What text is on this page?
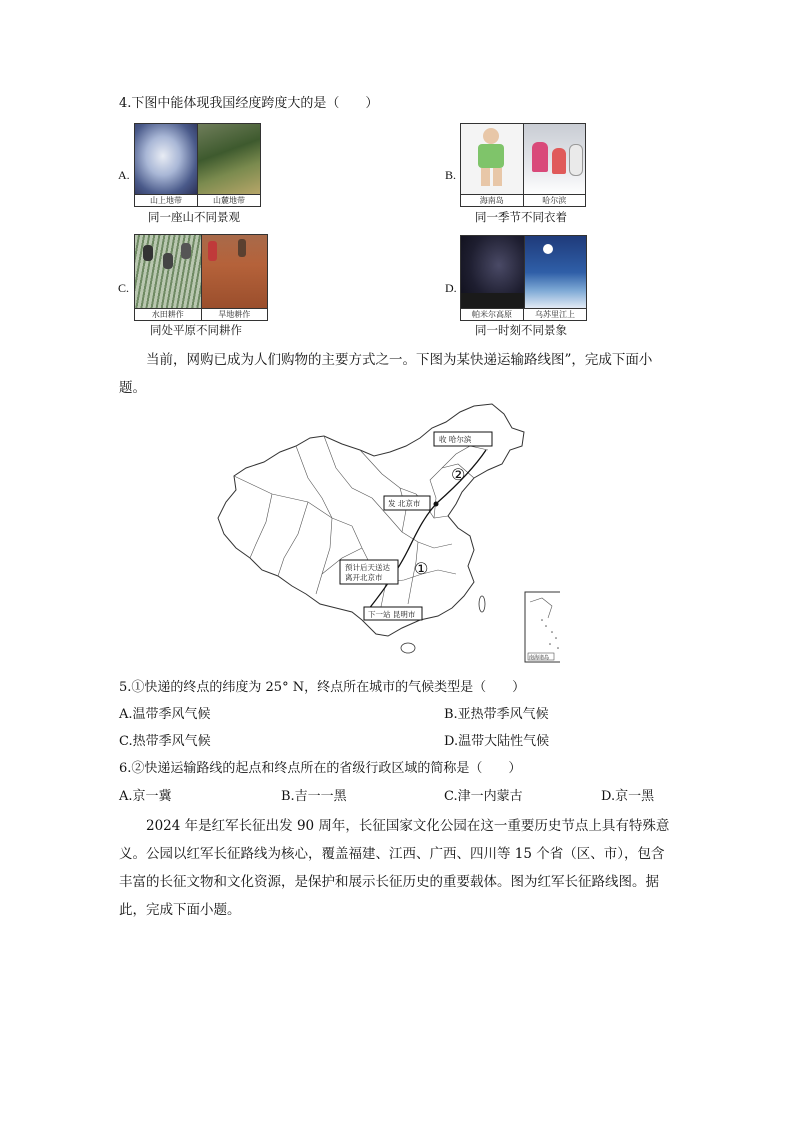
4.下图中能体现我国经度跨度大的是（　　）
A.
山上地带	山麓地带
同一座山不同景观
B.
海南岛	哈尔滨
同一季节不同衣着
C.
水田耕作	旱地耕作
同处平原不同耕作
D.
帕米尔高原	乌苏里江上
同一时刻不同景象
当前，网购已成为人们购物的主要方式之一。下图为某快递运输路线图”，完成下面小
题。
收 哈尔滨
发 北京市
预计后天送达
离开北京市
下一站 昆明市
②
①
南海诸岛
5.①快递的终点的纬度为 25° N，终点所在城市的气候类型是（　　）
A.温带季风气候	B.亚热带季风气候
C.热带季风气候	D.温带大陆性气候
6.②快递运输路线的起点和终点所在的省级行政区域的简称是（　　）
A.京一冀	B.吉一一黑	C.津一内蒙古	D.京一黑
2024 年是红军长征出发 90 周年，长征国家文化公园在这一重要历史节点上具有特殊意
义。公园以红军长征路线为核心，覆盖福建、江西、广西、四川等 15 个省（区、市），包含
丰富的长征文物和文化资源，是保护和展示长征历史的重要载体。图为红军长征路线图。据
此，完成下面小题。
